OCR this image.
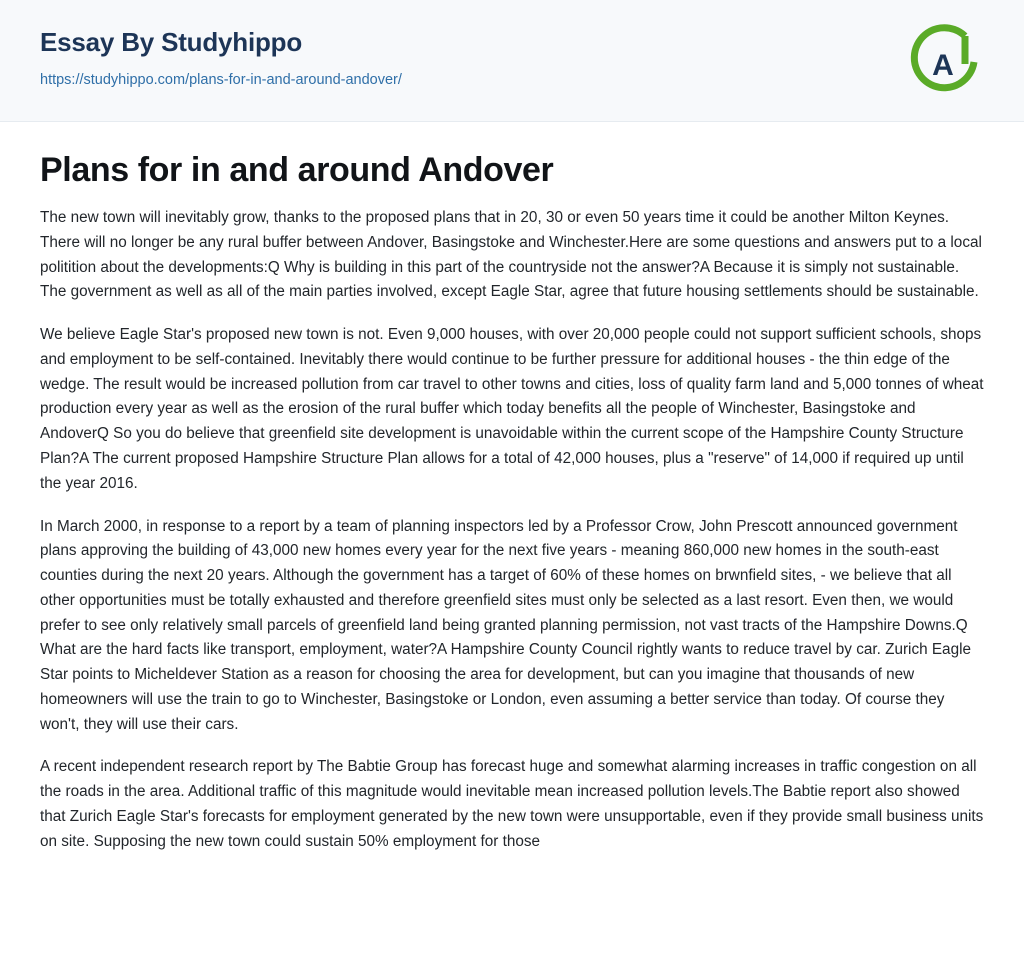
Essay By Studyhippo
https://studyhippo.com/plans-for-in-and-around-andover/	A
Plans for in and around Andover

The new town will inevitably grow, thanks to the proposed plans that in 20, 30 or even 50 years time it could be another Milton Keynes. There will no longer be any rural buffer between Andover, Basingstoke and Winchester.Here are some questions and answers put to a local politition about the developments:Q Why is building in this part of the countryside not the answer?A Because it is simply not sustainable. The government as well as all of the main parties involved, except Eagle Star, agree that future housing settlements should be sustainable.

We believe Eagle Star's proposed new town is not. Even 9,000 houses, with over 20,000 people could not support sufficient schools, shops and employment to be self-contained. Inevitably there would continue to be further pressure for additional houses - the thin edge of the wedge. The result would be increased pollution from car travel to other towns and cities, loss of quality farm land and 5,000 tonnes of wheat production every year as well as the erosion of the rural buffer which today benefits all the people of Winchester, Basingstoke and AndoverQ So you do believe that greenfield site development is unavoidable within the current scope of the Hampshire County Structure Plan?A The current proposed Hampshire Structure Plan allows for a total of 42,000 houses, plus a "reserve" of 14,000 if required up until the year 2016.

In March 2000, in response to a report by a team of planning inspectors led by a Professor Crow, John Prescott announced government plans approving the building of 43,000 new homes every year for the next five years - meaning 860,000 new homes in the south-east counties during the next 20 years. Although the government has a target of 60% of these homes on brwnfield sites, - we believe that all other opportunities must be totally exhausted and therefore greenfield sites must only be selected as a last resort. Even then, we would prefer to see only relatively small parcels of greenfield land being granted planning permission, not vast tracts of the Hampshire Downs.Q What are the hard facts like transport, employment, water?A Hampshire County Council rightly wants to reduce travel by car. Zurich Eagle Star points to Micheldever Station as a reason for choosing the area for development, but can you imagine that thousands of new homeowners will use the train to go to Winchester, Basingstoke or London, even assuming a better service than today. Of course they won't, they will use their cars.

A recent independent research report by The Babtie Group has forecast huge and somewhat alarming increases in traffic congestion on all the roads in the area. Additional traffic of this magnitude would inevitable mean increased pollution levels.The Babtie report also showed that Zurich Eagle Star's forecasts for employment generated by the new town were unsupportable, even if they provide small business units on site. Supposing the new town could sustain 50% employment for those
